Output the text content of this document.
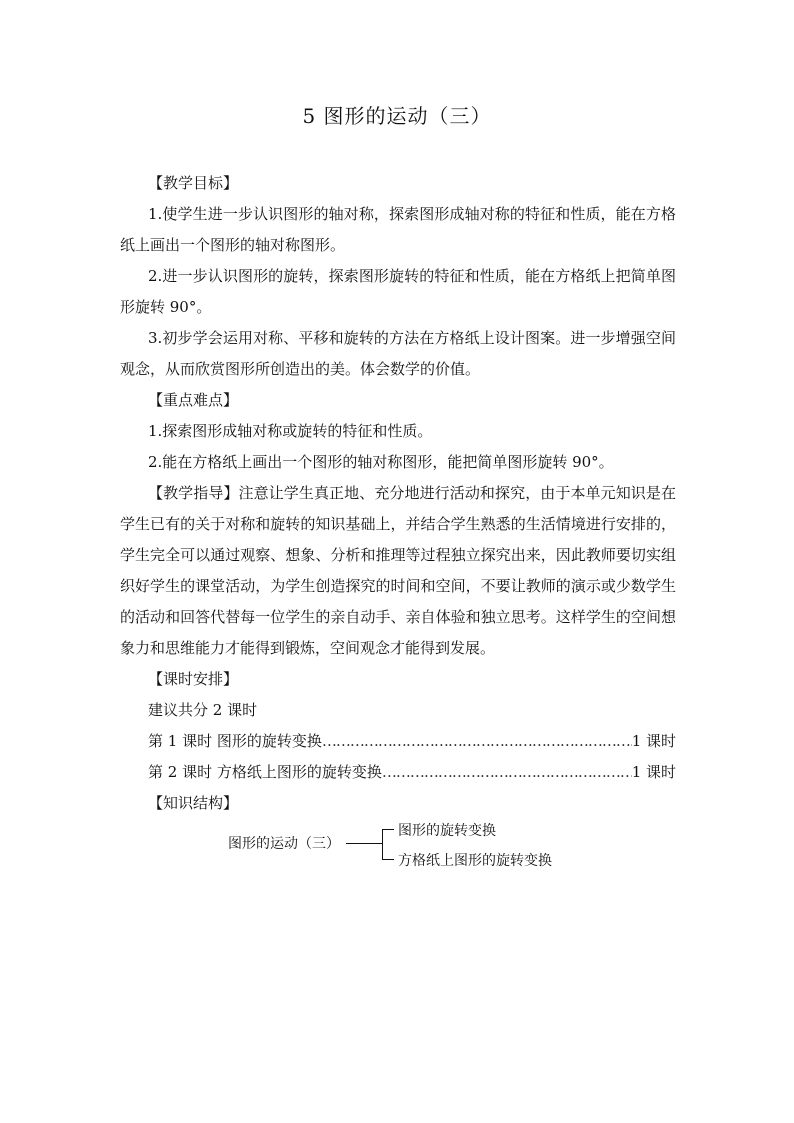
5 图形的运动（三）

【教学目标】

1.使学生进一步认识图形的轴对称，探索图形成轴对称的特征和性质，能在方格纸上画出一个图形的轴对称图形。

2.进一步认识图形的旋转，探索图形旋转的特征和性质，能在方格纸上把简单图形旋转 90°。

3.初步学会运用对称、平移和旋转的方法在方格纸上设计图案。进一步增强空间观念，从而欣赏图形所创造出的美。体会数学的价值。

【重点难点】

1.探索图形成轴对称或旋转的特征和性质。

2.能在方格纸上画出一个图形的轴对称图形，能把简单图形旋转 90°。

【教学指导】注意让学生真正地、充分地进行活动和探究，由于本单元知识是在学生已有的关于对称和旋转的知识基础上，并结合学生熟悉的生活情境进行安排的，学生完全可以通过观察、想象、分析和推理等过程独立探究出来，因此教师要切实组织好学生的课堂活动，为学生创造探究的时间和空间，不要让教师的演示或少数学生的活动和回答代替每一位学生的亲自动手、亲自体验和独立思考。这样学生的空间想象力和思维能力才能得到锻炼，空间观念才能得到发展。

【课时安排】

建议共分 2 课时

第 1 课时 图形的旋转变换 ……………………………………………………………………………………………………	1 课时
第 2 课时 方格纸上图形的旋转变换 ……………………………………………………………………………………………………	1 课时

【知识结构】

图形的运动（三）
图形的旋转变换
方格纸上图形的旋转变换
